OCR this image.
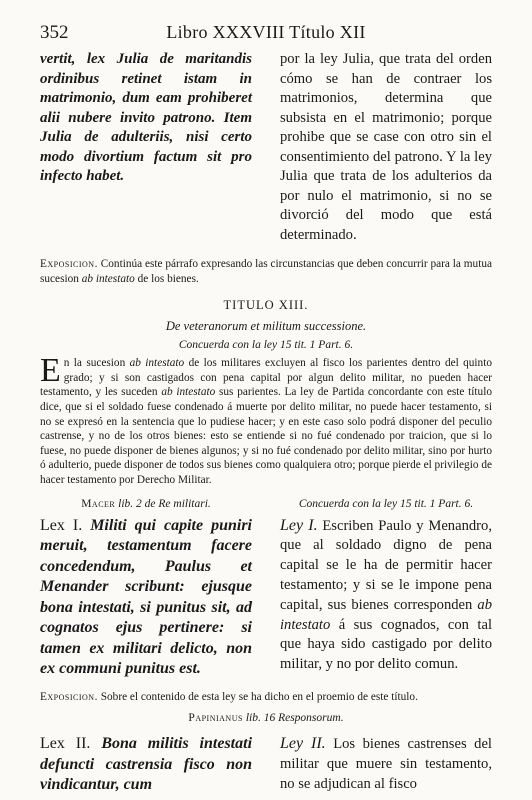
352	Libro XXXVIII Título XII
vertit, lex Julia de maritandis ordinibus retinet istam in matrimonio, dum eam prohiberet alii nubere invito patrono. Item Julia de adulteriis, nisi certo modo divortium factum sit pro infecto habet.
por la ley Julia, que trata del orden cómo se han de contraer los matrimonios, determina que subsista en el matrimonio; porque prohibe que se case con otro sin el consentimiento del patrono. Y la ley Julia que trata de los adulterios da por nulo el matrimonio, si no se divorció del modo que está determinado.
Exposicion. Continúa este párrafo expresando las circunstancias que deben concurrir para la mutua sucesion ab intestato de los bienes.
TITULO XIII.
De veteranorum et militum successione.
Concuerda con la ley 15 tit. 1 Part. 6.
E n la sucesion ab intestato de los militares excluyen al fisco los parientes dentro del quinto grado; y si son castigados con pena capital por algun delito militar, no pueden hacer testamento, y les suceden ab intestato sus parientes. La ley de Partida concordante con este título dice, que si el soldado fuese condenado á muerte por delito militar, no puede hacer testamento, si no se expresó en la sentencia que lo pudiese hacer; y en este caso solo podrá disponer del peculio castrense, y no de los otros bienes: esto se entiende si no fué condenado por traicion, que si lo fuese, no puede disponer de bienes algunos; y si no fué condenado por delito militar, sino por hurto ó adulterio, puede disponer de todos sus bienes como qualquiera otro; porque pierde el privilegio de hacer testamento por Derecho Militar.
Macer lib. 2 de Re militari.	Concuerda con la ley 15 tit. 1 Part. 6.
Lex I. Militi qui capite puniri meruit, testamentum facere concedendum, Paulus et Menander scribunt: ejusque bona intestati, si punitus sit, ad cognatos ejus pertinere: si tamen ex militari delicto, non ex communi punitus est.
Ley I. Escriben Paulo y Menandro, que al soldado digno de pena capital se le ha de permitir hacer testamento; y si se le impone pena capital, sus bienes corresponden ab intestato á sus cognados, con tal que haya sido castigado por delito militar, y no por delito comun.
Exposicion. Sobre el contenido de esta ley se ha dicho en el proemio de este título.
Papinianus lib. 16 Responsorum.
Lex II. Bona militis intestati defuncti castrensia fisco non vindicantur, cum
Ley II. Los bienes castrenses del militar que muere sin testamento, no se adjudican al fisco
